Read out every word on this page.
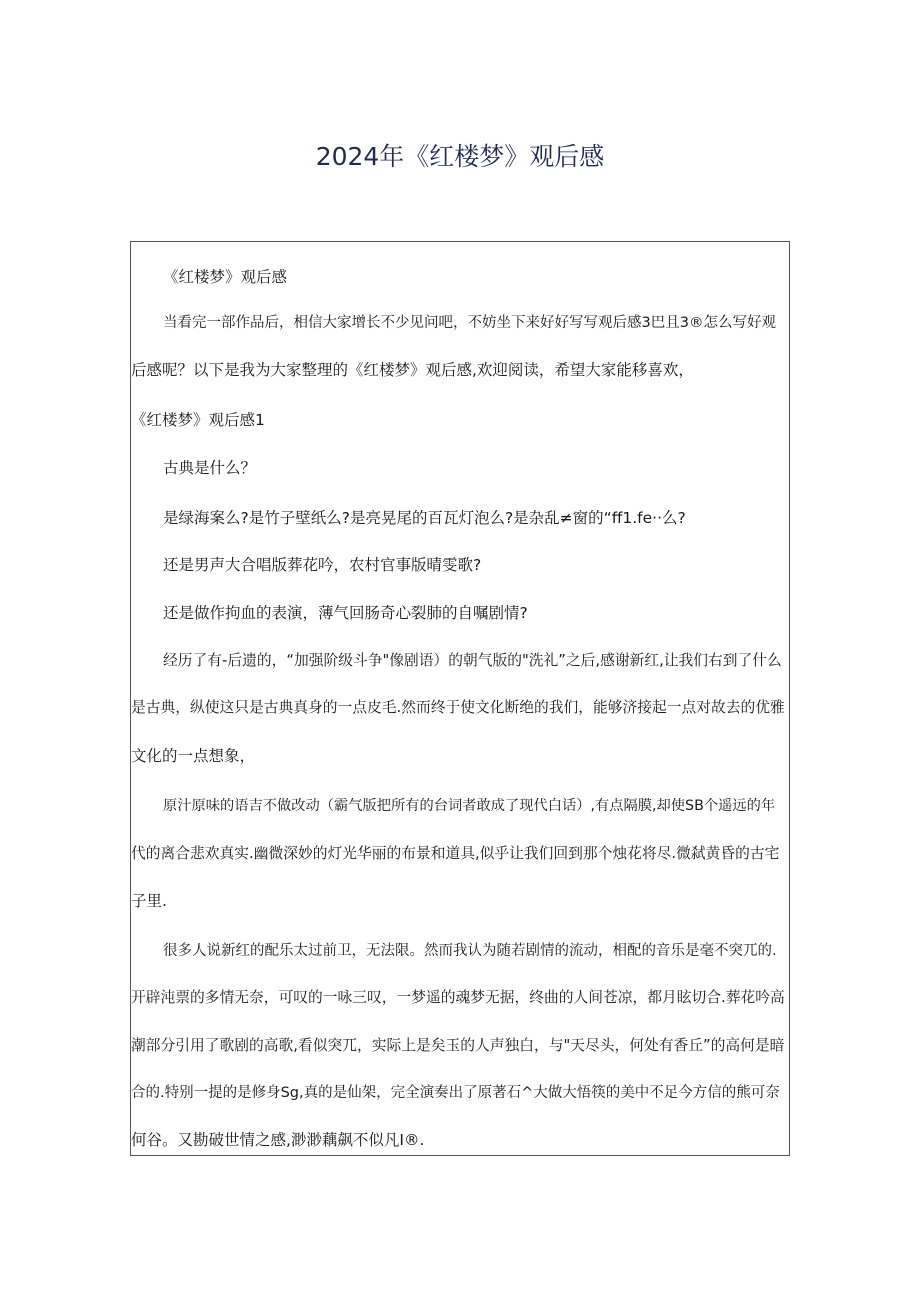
2024年《红楼梦》观后感
《红楼梦》观后感
当看完一部作品后，相信大家增长不少见问吧，不妨坐下来好好写写观后感3巴且3®怎么写好观
后感呢？以下是我为大家整理的《红楼梦》观后感,欢迎阅读，希望大家能移喜欢，
《红楼梦》观后感1
古典是什么？
是绿海案么?是竹子壁纸么?是亮晃尾的百瓦灯泡么?是杂乱≠窗的“ff1.fe··么?
还是男声大合唱版葬花吟，农村官事版晴雯歌?
还是做作拘血的表演，薄气回肠奇心裂肺的自嘱剧情?
经历了有-后遗的，“加强阶级斗争"像剧语）的朝气版的"洗礼”之后,感谢新红,让我们右到了什么
是古典，纵使这只是古典真身的一点皮毛.然而终于使文化断绝的我们，能够济接起一点对故去的优雅
文化的一点想象，
原汁原味的语吉不做改动（霸气版把所有的台词者敢成了现代白话）,有点隔膜,却使SB个遥远的年
代的离合悲欢真实.幽微深妙的灯光华丽的布景和道具,似乎让我们回到那个烛花将尽.微弑黄昏的古宅
子里.
很多人说新红的配乐太过前卫，无法限。然而我认为随若剧情的流动，相配的音乐是毫不突兀的.
开辟沌票的多情无奈，可叹的一咏三叹，一梦遥的魂梦无据，终曲的人间苍凉，都月眩切合.葬花吟高
潮部分引用了歌剧的高歌,看似突兀，实际上是矣玉的人声独白，与"天尽头，何处有香丘”的高何是暗
合的.特别一提的是修身Sg,真的是仙架，完全演奏出了原著石^大做大悟筷的美中不足今方信的熊可奈
何谷。又勘破世情之感,渺渺藕飙不似凡I®.
